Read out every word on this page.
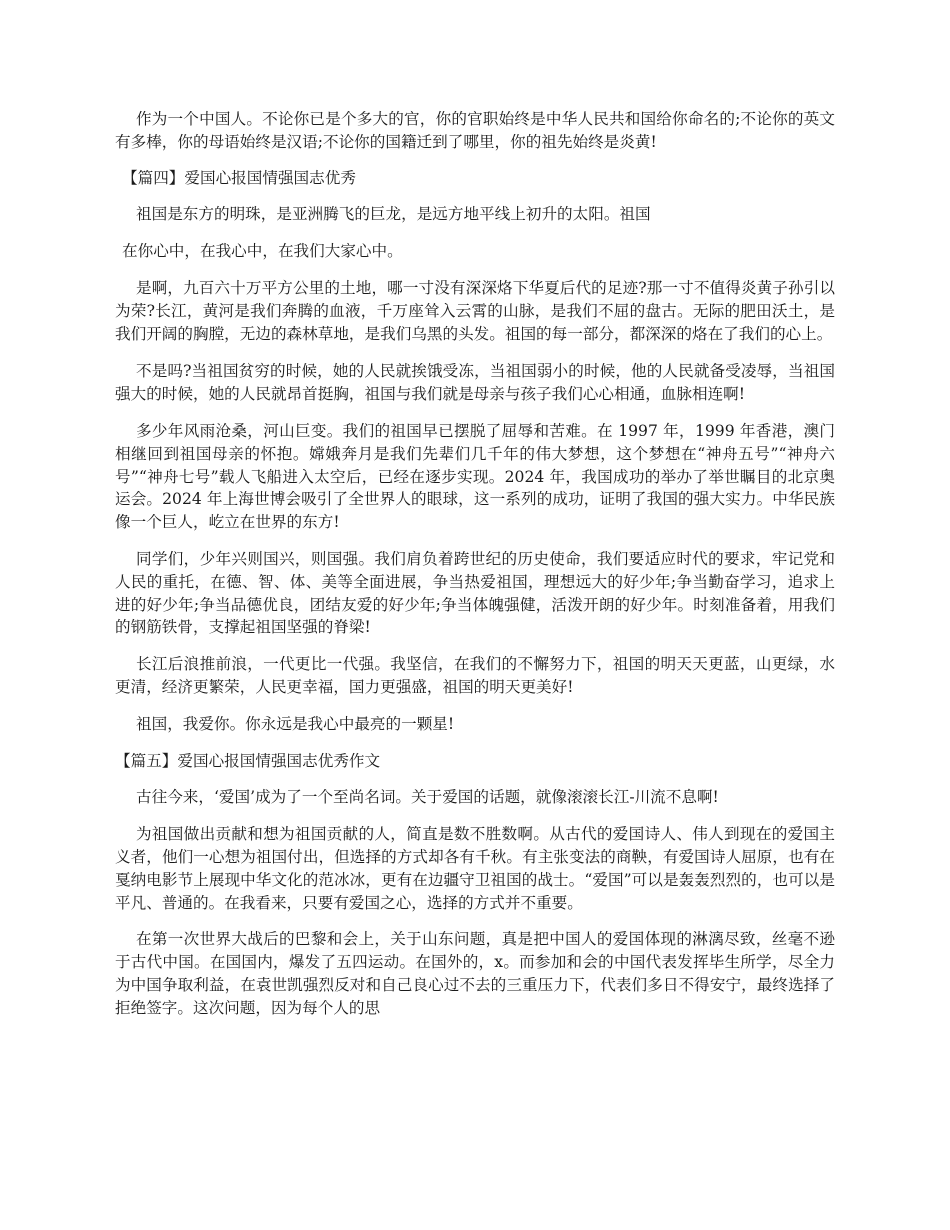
作为一个中国人。不论你已是个多大的官，你的官职始终是中华人民共和国给你命名的;不论你的英文有多棒，你的母语始终是汉语;不论你的国籍迁到了哪里，你的祖先始终是炎黄!

【篇四】爱国心报国情强国志优秀

祖国是东方的明珠，是亚洲腾飞的巨龙，是远方地平线上初升的太阳。祖国

在你心中，在我心中，在我们大家心中。

是啊，九百六十万平方公里的土地，哪一寸没有深深烙下华夏后代的足迹?那一寸不值得炎黄子孙引以为荣?长江，黄河是我们奔腾的血液，千万座耸入云霄的山脉，是我们不屈的盘古。无际的肥田沃土，是我们开阔的胸膛，无边的森林草地，是我们乌黑的头发。祖国的每一部分，都深深的烙在了我们的心上。

不是吗?当祖国贫穷的时候，她的人民就挨饿受冻，当祖国弱小的时候，他的人民就备受凌辱，当祖国强大的时候，她的人民就昂首挺胸，祖国与我们就是母亲与孩子我们心心相通，血脉相连啊!

多少年风雨沧桑，河山巨变。我们的祖国早已摆脱了屈辱和苦难。在 1997 年，1999 年香港，澳门相继回到祖国母亲的怀抱。嫦娥奔月是我们先辈们几千年的伟大梦想，这个梦想在“神舟五号”“神舟六号”“神舟七号”载人飞船进入太空后，已经在逐步实现。2024 年，我国成功的举办了举世瞩目的北京奥运会。2024 年上海世博会吸引了全世界人的眼球，这一系列的成功，证明了我国的强大实力。中华民族像一个巨人，屹立在世界的东方!

同学们，少年兴则国兴，则国强。我们肩负着跨世纪的历史使命，我们要适应时代的要求，牢记党和人民的重托，在德、智、体、美等全面进展，争当热爱祖国，理想远大的好少年;争当勤奋学习，追求上进的好少年;争当品德优良，团结友爱的好少年;争当体魄强健，活泼开朗的好少年。时刻准备着，用我们的钢筋铁骨，支撑起祖国坚强的脊梁!

长江后浪推前浪，一代更比一代强。我坚信，在我们的不懈努力下，祖国的明天天更蓝，山更绿，水更清，经济更繁荣，人民更幸福，国力更强盛，祖国的明天更美好!

祖国，我爱你。你永远是我心中最亮的一颗星!

【篇五】爱国心报国情强国志优秀作文

古往今来，‘爱国’成为了一个至尚名词。关于爱国的话题，就像滚滚长江-川流不息啊!

为祖国做出贡献和想为祖国贡献的人，简直是数不胜数啊。从古代的爱国诗人、伟人到现在的爱国主义者，他们一心想为祖国付出，但选择的方式却各有千秋。有主张变法的商鞅，有爱国诗人屈原，也有在戛纳电影节上展现中华文化的范冰冰，更有在边疆守卫祖国的战士。“爱国”可以是轰轰烈烈的，也可以是平凡、普通的。在我看来，只要有爱国之心，选择的方式并不重要。

在第一次世界大战后的巴黎和会上，关于山东问题，真是把中国人的爱国体现的淋漓尽致，丝毫不逊于古代中国。在国国内，爆发了五四运动。在国外的，x。而参加和会的中国代表发挥毕生所学，尽全力为中国争取利益，在袁世凯强烈反对和自己良心过不去的三重压力下，代表们多日不得安宁，最终选择了拒绝签字。这次问题，因为每个人的思
